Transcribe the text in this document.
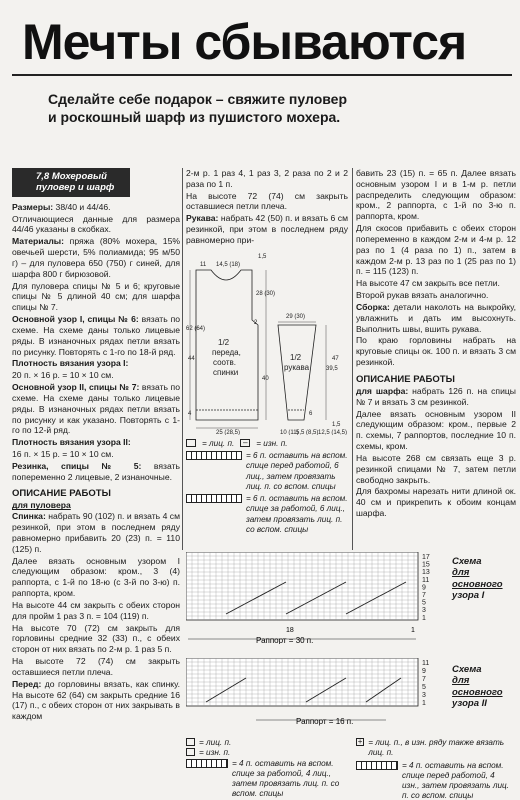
Мечты сбываются
Сделайте себе подарок – свяжите пуловер
и роскошный шарф из пушистого мохера.
7,8 Мохеровый пуловер и шарф
Размеры: 38/40 и 44/46.
Отличающиеся данные для размера 44/46 указаны в скобках.
Материалы: пряжа (80% мохера, 15% овечьей шерсти, 5% полиамида; 95 м/50 г) – для пуловера 650 (750) г синей, для шарфа 800 г бирюзовой.
Для пуловера спицы № 5 и 6; круговые спицы № 5 длиной 40 см; для шарфа спицы № 7.
Основной узор I, спицы № 6: вязать по схеме. На схеме даны только лицевые ряды. В изнаночных рядах петли вязать по рисунку. Повторять с 1-го по 18-й ряд.
Плотность вязания узора I:
20 п. × 16 р. = 10 × 10 см.
Основной узор II, спицы № 7: вязать по схеме. На схеме даны только лицевые ряды. В изнаночных рядах петли вязать по рисунку и как указано. Повторять с 1-го по 12-й ряд.
Плотность вязания узора II:
16 п. × 15 р. = 10 × 10 см.
Резинка, спицы № 5: вязать попеременно 2 лицевые, 2 изнаночные.
ОПИСАНИЕ РАБОТЫ
для пуловера
Спинка: набрать 90 (102) п. и вязать 4 см резинкой, при этом в последнем ряду равномерно прибавить 20 (23) п. = 110 (125) п.
Далее вязать основным узором I следующим образом: кром., 3 (4) раппорта, с 1-й по 18-ю (с 3-й по 3-ю) п. раппорта, кром.
На высоте 44 см закрыть с обеих сторон для пройм 1 раз 3 п. = 104 (119) п.
На высоте 70 (72) см закрыть для горловины средние 32 (33) п., с обеих сторон от них вязать по 2-м р. 1 раз 5 п.
На высоте 72 (74) см закрыть оставшиеся петли плеча.
Перед: до горловины вязать, как спинку. На высоте 62 (64) см закрыть средние 16 (17) п., с обеих сторон от них закрывать в каждом
2-м р. 1 раз 4, 1 раз 3, 2 раза по 2 и 2 раза по 1 п.
На высоте 72 (74) см закрыть оставшиеся петли плеча.
Рукава: набрать 42 (50) п. и вязать 6 см резинкой, при этом в последнем ряду равномерно при-
1/2
переда,
соотв.
спинки
1/2
рукава
11 14,5 (18)
1,5
28 (30)
2
44
62 (64)
4
25 (28,5)
40
29 (30)
39,5
47
6
10 (11)
5,5 (8,5) 12,5 (14,5)
1,5
= лиц. п.	–	= изн. п.
= 6 п. оставить на вспом. спице перед работой, 6 лиц., затем провязать лиц. п. со вспом. спицы
= 6 п. оставить на вспом. спице за работой, 6 лиц., затем провязать лиц. п. со вспом. спицы
бавить 23 (15) п. = 65 п. Далее вязать основным узором I и в 1-м р. петли распределить следующим образом: кром., 2 раппорта, с 1-й по 3-ю п. раппорта, кром.
Для скосов прибавить с обеих сторон попеременно в каждом 2-м и 4-м р. 12 раз по 1 (4 раза по 1) п., затем в каждом 2-м р. 13 раз по 1 (25 раз по 1) п. = 115 (123) п.
На высоте 47 см закрыть все петли.
Второй рукав вязать аналогично.
Сборка: детали наколоть на выкройку, увлажнить и дать им высохнуть. Выполнить швы, вшить рукава.
По краю горловины набрать на круговые спицы ок. 100 п. и вязать 3 см резинкой.
ОПИСАНИЕ РАБОТЫ
для шарфа: набрать 126 п. на спицы № 7 и вязать 3 см резинкой.
Далее вязать основным узором II следующим образом: кром., первые 2 п. схемы, 7 раппортов, последние 10 п. схемы, кром.
На высоте 268 см связать еще 3 р. резинкой спицами № 7, затем петли свободно закрыть.
Для бахромы нарезать нити длиной ок. 40 см и прикрепить к обоим концам шарфа.
17
15
13
11
9
7
5
3
1
18	1
Раппорт = 30 п.
Схема
для основного
узора I
11
9
7
5
3
1
Раппорт = 16 п.
Схема
для основного
узора II
= лиц. п.
= изн. п.
= 4 п. оставить на вспом. спице за работой, 4 лиц., затем провязать лиц. п. со вспом. спицы
+ = лиц. п., в изн. ряду также вязать лиц. п.
= 4 п. оставить на вспом. спице перед работой, 4 изн., затем провязать лиц. п. со вспом. спицы
